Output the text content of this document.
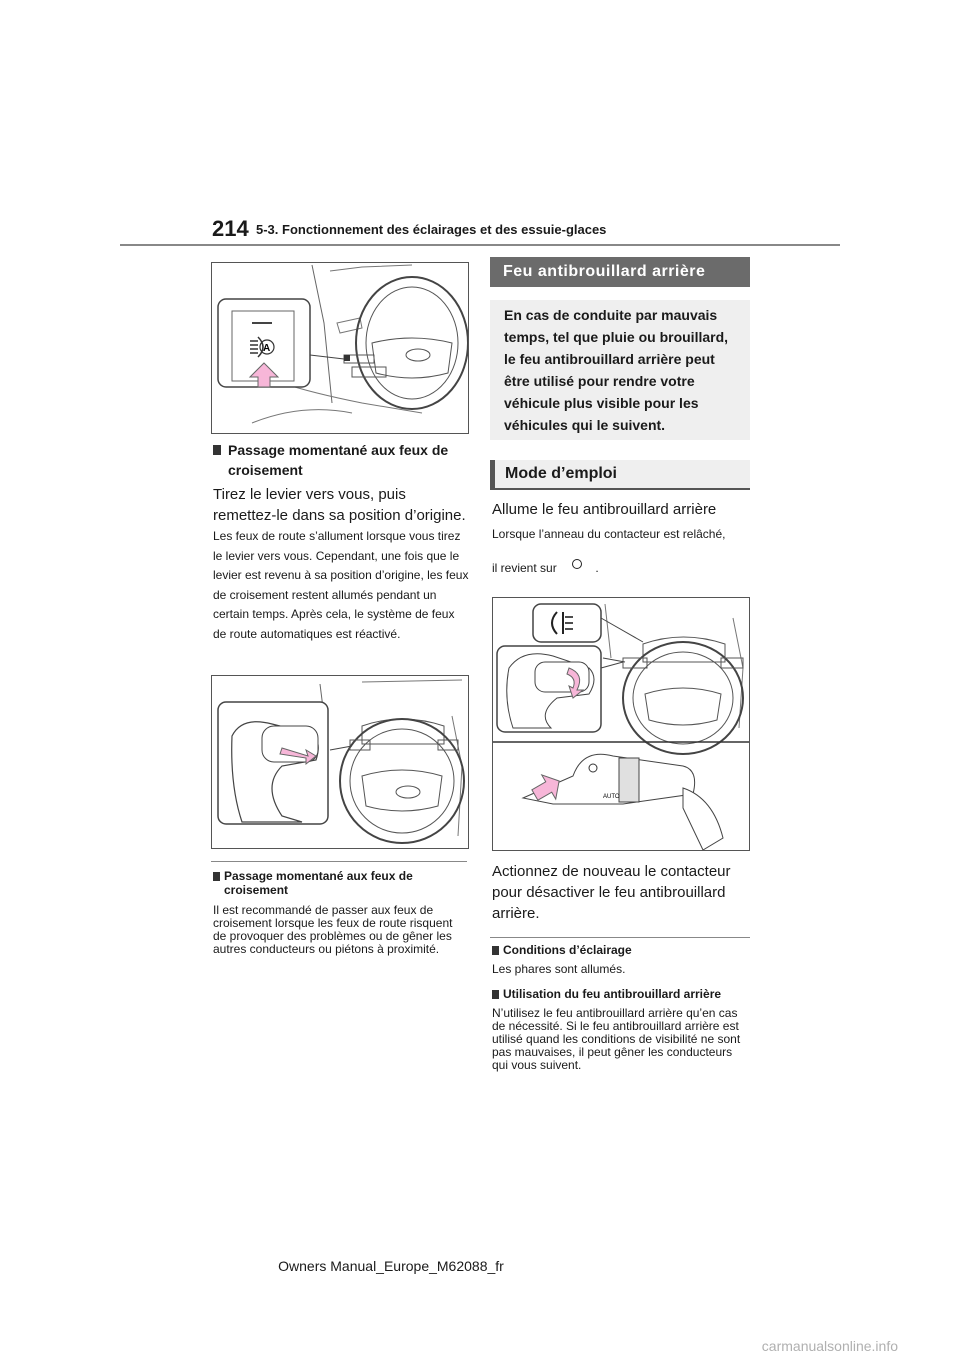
214 5-3. Fonctionnement des éclairages et des essuie-glaces
A
Passage momentané aux feux de croisement
Tirez le levier vers vous, puis remettez-le dans sa position d’origine.
Les feux de route s’allument lorsque vous tirez le levier vers vous. Cependant, une fois que le levier est revenu à sa position d’origine, les feux de croisement restent allumés pendant un certain temps. Après cela, le système de feux de route automatiques est réactivé.
Passage momentané aux feux de croisement
Il est recommandé de passer aux feux de croisement lorsque les feux de route risquent de provoquer des problèmes ou de gêner les autres conducteurs ou piétons à proximité.
Feu antibrouillard arrière
En cas de conduite par mauvais temps, tel que pluie ou brouillard, le feu antibrouillard arrière peut être utilisé pour rendre votre véhicule plus visible pour les véhicules qui le suivent.
Mode d’emploi
Allume le feu antibrouillard arrière
Lorsque l’anneau du contacteur est relâché,
il revient sur	.
AUTO
Actionnez de nouveau le contacteur pour désactiver le feu antibrouillard arrière.
Conditions d’éclairage
Les phares sont allumés.
Utilisation du feu antibrouillard arrière
N’utilisez le feu antibrouillard arrière qu’en cas de nécessité. Si le feu antibrouillard arrière est utilisé quand les conditions de visibilité ne sont pas mauvaises, il peut gêner les conducteurs qui vous suivent.
Owners Manual_Europe_M62088_fr
carmanualsonline.info
